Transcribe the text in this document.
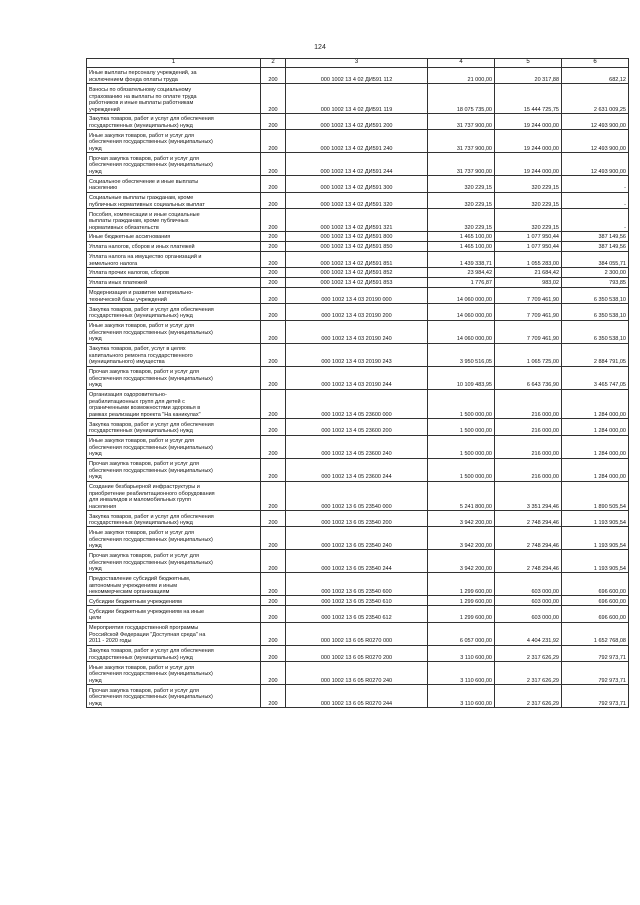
124
1	2	3	4	5	6
Иные выплаты персоналу учреждений, за
исключением фонда оплаты труда	200	000 1002 13 4 02 ДИ591 112	21 000,00	20 317,88	682,12
Взносы по обязательному социальному
страхованию на выплаты по оплате труда
работников и иные выплаты работникам
учреждений	200	000 1002 13 4 02 ДИ591 119	18 075 735,00	15 444 725,75	2 631 009,25
Закупка товаров, работ и услуг для обеспечения
государственных (муниципальных) нужд	200	000 1002 13 4 02 ДИ591 200	31 737 900,00	19 244 000,00	12 493 900,00
Иные закупки товаров, работ и услуг для
обеспечения государственных (муниципальных)
нужд	200	000 1002 13 4 02 ДИ591 240	31 737 900,00	19 244 000,00	12 493 900,00
Прочая закупка товаров, работ и услуг для
обеспечения государственных (муниципальных)
нужд	200	000 1002 13 4 02 ДИ591 244	31 737 900,00	19 244 000,00	12 493 900,00
Социальное обеспечение и иные выплаты
населению	200	000 1002 13 4 02 ДИ591 300	320 229,15	320 229,15	-
Социальные выплаты гражданам, кроме
публичных нормативных социальных выплат	200	000 1002 13 4 02 ДИ591 320	320 229,15	320 229,15	-
Пособия, компенсации и иные социальные
выплаты гражданам, кроме публичных
нормативных обязательств	200	000 1002 13 4 02 ДИ591 321	320 229,15	320 229,15	-
Иные бюджетные ассигнования	200	000 1002 13 4 02 ДИ591 800	1 465 100,00	1 077 950,44	387 149,56
Уплата налогов, сборов и иных платежей	200	000 1002 13 4 02 ДИ591 850	1 465 100,00	1 077 950,44	387 149,56
Уплата налога на имущество организаций и
земельного налога	200	000 1002 13 4 02 ДИ591 851	1 439 338,71	1 055 283,00	384 055,71
Уплата прочих налогов, сборов	200	000 1002 13 4 02 ДИ591 852	23 984,42	21 684,42	2 300,00
Уплата иных платежей	200	000 1002 13 4 02 ДИ591 853	1 776,87	983,02	793,85
Модернизация и развитие материально-
технической базы учреждений	200	000 1002 13 4 03 20190 000	14 060 000,00	7 709 461,90	6 350 538,10
Закупка товаров, работ и услуг для обеспечения
государственных (муниципальных) нужд	200	000 1002 13 4 03 20190 200	14 060 000,00	7 709 461,90	6 350 538,10
Иные закупки товаров, работ и услуг для
обеспечения государственных (муниципальных)
нужд	200	000 1002 13 4 03 20190 240	14 060 000,00	7 709 461,90	6 350 538,10
Закупка товаров, работ, услуг в целях
капитального ремонта государственного
(муниципального) имущества	200	000 1002 13 4 03 20190 243	3 950 516,05	1 065 725,00	2 884 791,05
Прочая закупка товаров, работ и услуг для
обеспечения государственных (муниципальных)
нужд	200	000 1002 13 4 03 20190 244	10 109 483,95	6 643 736,90	3 465 747,05
Организация оздоровительно-
реабилитационных групп для детей с
ограниченными возможностями здоровья в
рамках реализации проекта "На каникулах"	200	000 1002 13 4 05 23600 000	1 500 000,00	216 000,00	1 284 000,00
Закупка товаров, работ и услуг для обеспечения
государственных (муниципальных) нужд	200	000 1002 13 4 05 23600 200	1 500 000,00	216 000,00	1 284 000,00
Иные закупки товаров, работ и услуг для
обеспечения государственных (муниципальных)
нужд	200	000 1002 13 4 05 23600 240	1 500 000,00	216 000,00	1 284 000,00
Прочая закупка товаров, работ и услуг для
обеспечения государственных (муниципальных)
нужд	200	000 1002 13 4 05 23600 244	1 500 000,00	216 000,00	1 284 000,00
Создание безбарьерной инфраструктуры и
приобретение реабилитационного оборудования
для инвалидов и маломобильных групп
населения	200	000 1002 13 6 05 23540 000	5 241 800,00	3 351 294,46	1 890 505,54
Закупка товаров, работ и услуг для обеспечения
государственных (муниципальных) нужд	200	000 1002 13 6 05 23540 200	3 942 200,00	2 748 294,46	1 193 905,54
Иные закупки товаров, работ и услуг для
обеспечения государственных (муниципальных)
нужд	200	000 1002 13 6 05 23540 240	3 942 200,00	2 748 294,46	1 193 905,54
Прочая закупка товаров, работ и услуг для
обеспечения государственных (муниципальных)
нужд	200	000 1002 13 6 05 23540 244	3 942 200,00	2 748 294,46	1 193 905,54
Предоставление субсидий бюджетным,
автономным учреждениям и иным
некоммерческим организациям	200	000 1002 13 6 05 23540 600	1 299 600,00	603 000,00	696 600,00
Субсидии бюджетным учреждениям	200	000 1002 13 6 05 23540 610	1 299 600,00	603 000,00	696 600,00
Субсидии бюджетным учреждениям на иные
цели	200	000 1002 13 6 05 23540 612	1 299 600,00	603 000,00	696 600,00
Мероприятия государственной программы
Российской Федерации "Доступная среда" на
2011 - 2020 годы	200	000 1002 13 6 05 R0270 000	6 057 000,00	4 404 231,92	1 652 768,08
Закупка товаров, работ и услуг для обеспечения
государственных (муниципальных) нужд	200	000 1002 13 6 05 R0270 200	3 110 600,00	2 317 626,29	792 973,71
Иные закупки товаров, работ и услуг для
обеспечения государственных (муниципальных)
нужд	200	000 1002 13 6 05 R0270 240	3 110 600,00	2 317 626,29	792 973,71
Прочая закупка товаров, работ и услуг для
обеспечения государственных (муниципальных)
нужд	200	000 1002 13 6 05 R0270 244	3 110 600,00	2 317 626,29	792 973,71
